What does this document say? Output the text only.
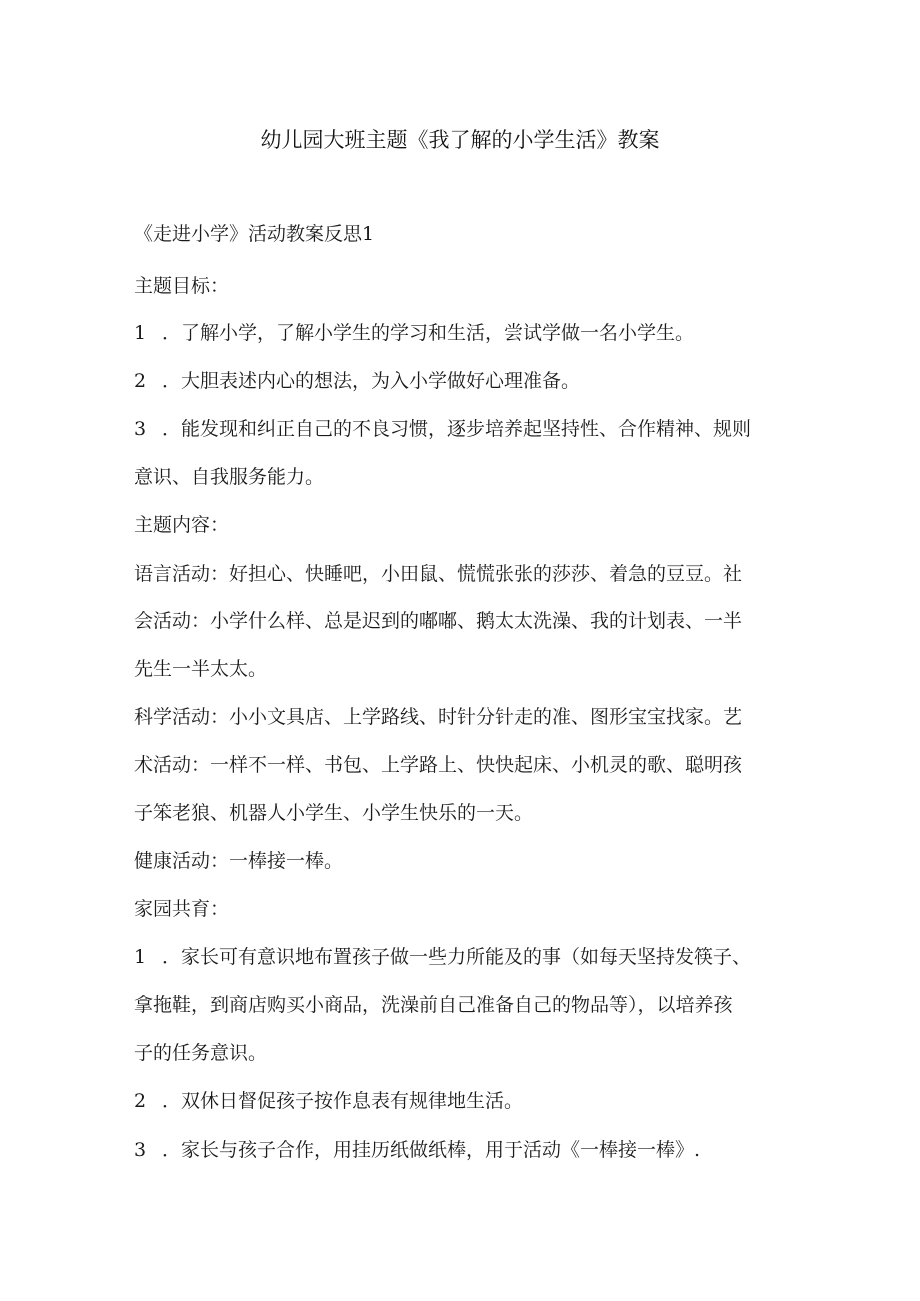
幼儿园大班主题《我了解的小学生活》教案
《走进小学》活动教案反思1
主题目标：
1 ．了解小学，了解小学生的学习和生活，尝试学做一名小学生。
2 ．大胆表述内心的想法，为入小学做好心理准备。
3 ．能发现和纠正自己的不良习惯，逐步培养起坚持性、合作精神、规则
意识、自我服务能力。
主题内容：
语言活动：好担心、快睡吧，小田鼠、慌慌张张的莎莎、着急的豆豆。社
会活动：小学什么样、总是迟到的嘟嘟、鹅太太洗澡、我的计划表、一半
先生一半太太。
科学活动：小小文具店、上学路线、时针分针走的准、图形宝宝找家。艺
术活动：一样不一样、书包、上学路上、快快起床、小机灵的歌、聪明孩
子笨老狼、机器人小学生、小学生快乐的一天。
健康活动：一棒接一棒。
家园共育：
1 ．家长可有意识地布置孩子做一些力所能及的事（如每天坚持发筷子、
拿拖鞋，到商店购买小商品，洗澡前自己准备自己的物品等），以培养孩
子的任务意识。
2 ．双休日督促孩子按作息表有规律地生活。
3 ．家长与孩子合作，用挂历纸做纸棒，用于活动《一棒接一棒》.
